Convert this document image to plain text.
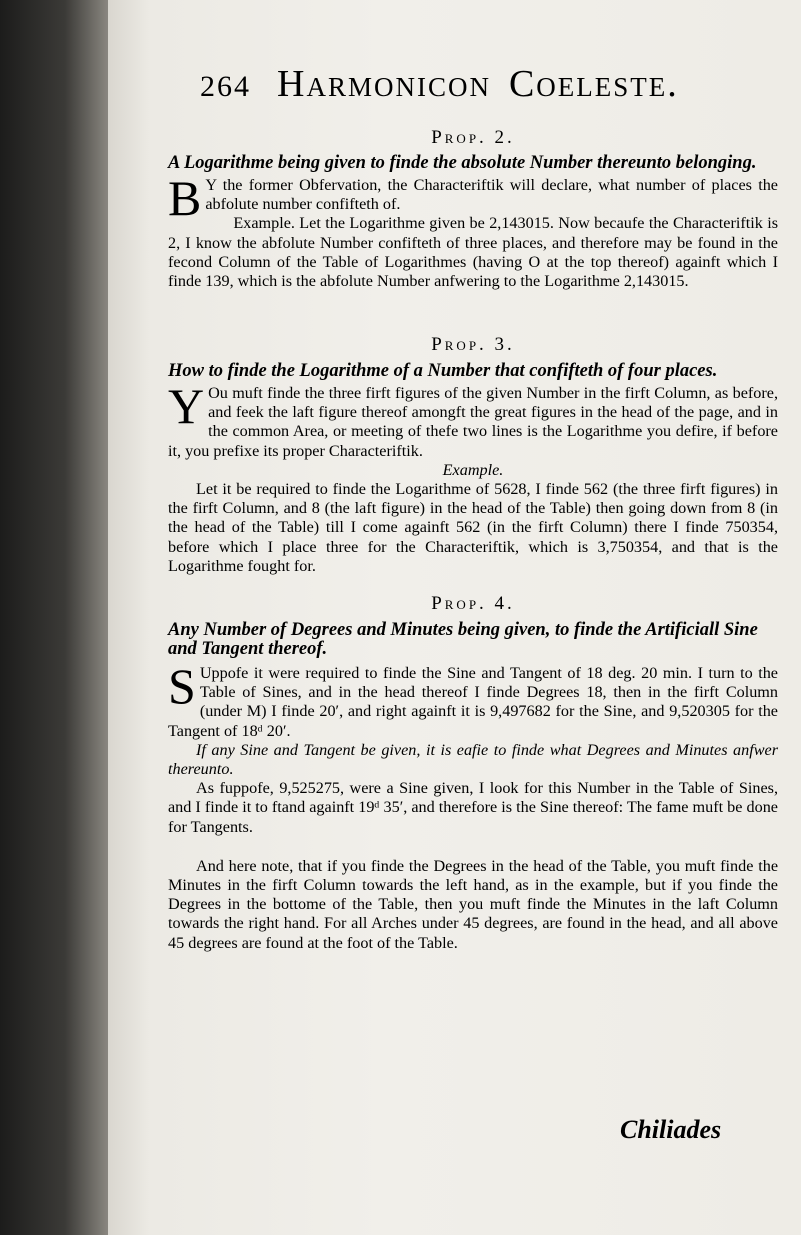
264 Harmonicon Coeleste.
Prop. 2.
A Logarithme being given to finde the absolute Number thereunto belonging.
B Y the former Obfervation, the Characteriftik will declare, what number of places the abfolute number confifteth of.

Example. Let the Logarithme given be 2,143015. Now becaufe the Characteriftik is 2, I know the abfolute Number confifteth of three places, and therefore may be found in the fecond Column of the Table of Logarithmes (having O at the top thereof) againft which I finde 139, which is the abfolute Number anfwering to the Logarithme 2,143015.

Prop. 3.
How to finde the Logarithme of a Number that confifteth of four places.
Y Ou muft finde the three firft figures of the given Number in the firft Column, as before, and feek the laft figure thereof amongft the great figures in the head of the page, and in the common Area, or meeting of thefe two lines is the Logarithme you defire, if before it, you prefixe its proper Characteriftik.

Example.

Let it be required to finde the Logarithme of 5628, I finde 562 (the three firft figures) in the firft Column, and 8 (the laft figure) in the head of the Table) then going down from 8 (in the head of the Table) till I come againft 562 (in the firft Column) there I finde 750354, before which I place three for the Characteriftik, which is 3,750354, and that is the Logarithme fought for.

Prop. 4.
Any Number of Degrees and Minutes being given, to finde the Artificiall Sine and Tangent thereof.
S Uppofe it were required to finde the Sine and Tangent of 18 deg. 20 min. I turn to the Table of Sines, and in the head thereof I finde Degrees 18, then in the firft Column (under M) I finde 20′, and right againft it is 9,497682 for the Sine, and 9,520305 for the Tangent of 18ᵈ 20′.

If any Sine and Tangent be given, it is eafie to finde what Degrees and Minutes anfwer thereunto.

As fuppofe, 9,525275, were a Sine given, I look for this Number in the Table of Sines, and I finde it to ftand againft 19ᵈ 35′, and therefore is the Sine thereof: The fame muft be done for Tangents.

And here note, that if you finde the Degrees in the head of the Table, you muft finde the Minutes in the firft Column towards the left hand, as in the example, but if you finde the Degrees in the bottome of the Table, then you muft finde the Minutes in the laft Column towards the right hand. For all Arches under 45 degrees, are found in the head, and all above 45 degrees are found at the foot of the Table.

Chiliades
